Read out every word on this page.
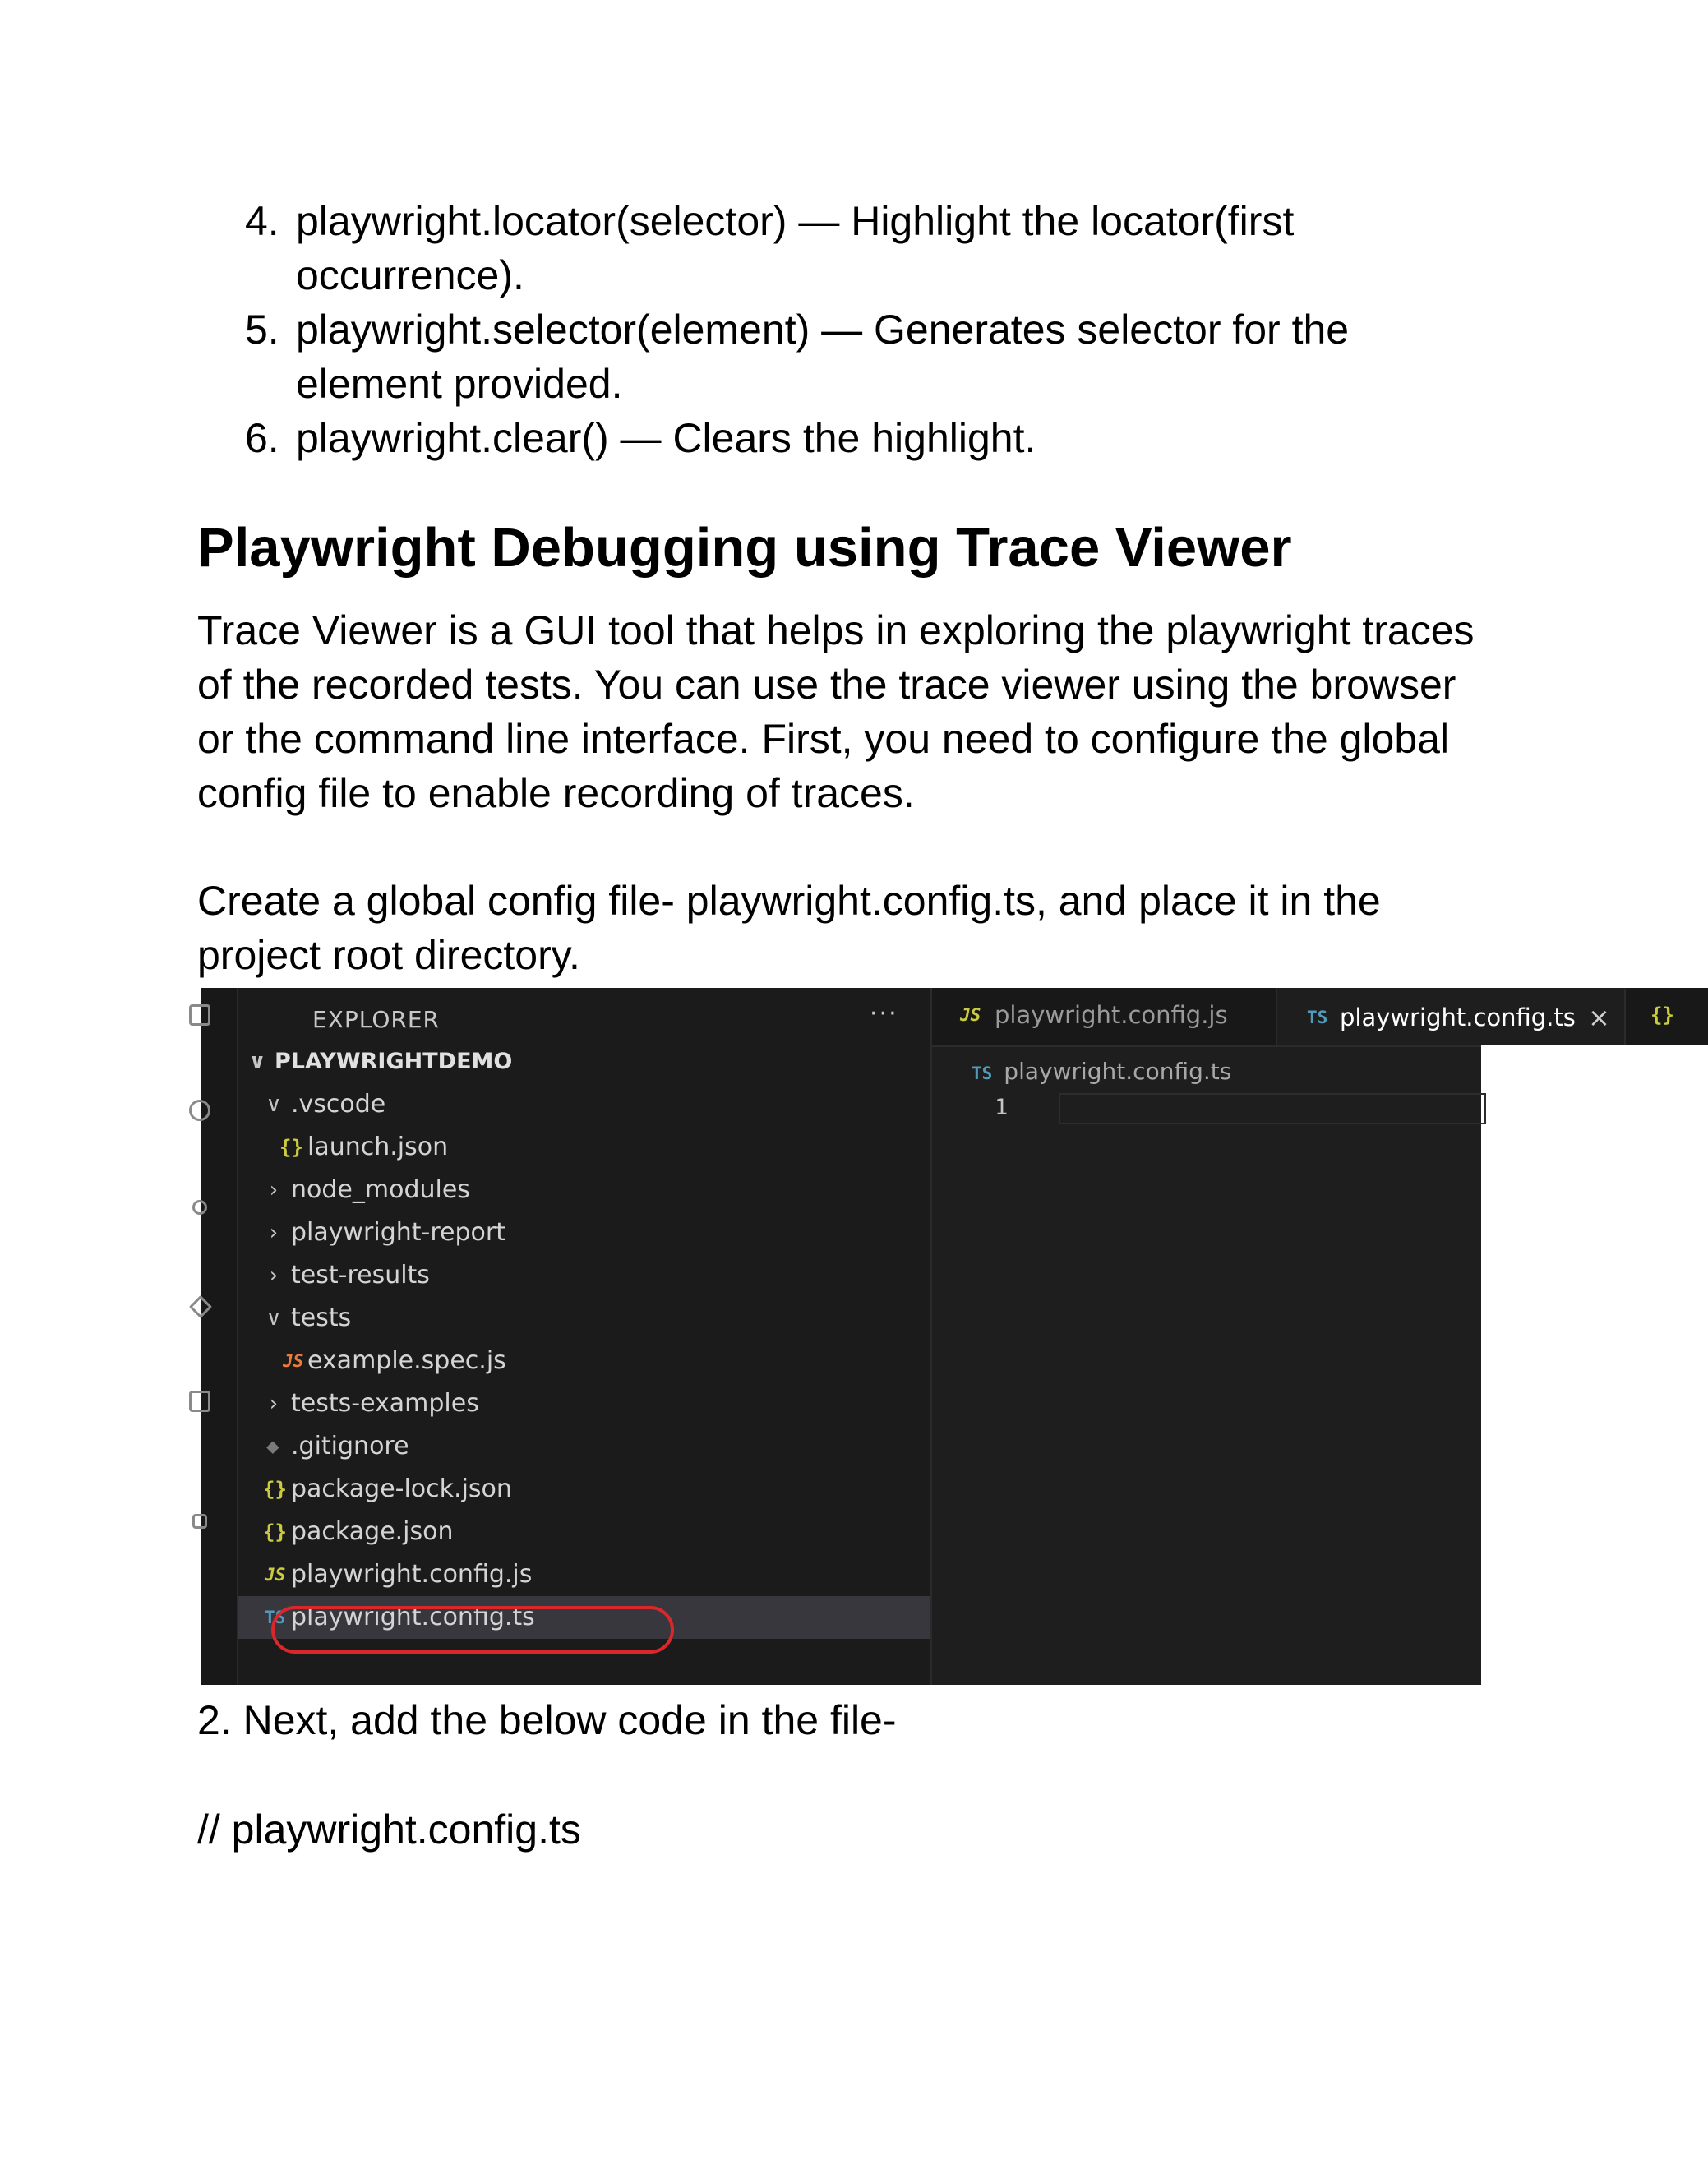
4. playwright.locator(selector) — Highlight the locator(first
occurrence).
5. playwright.selector(element) — Generates selector for the
element provided.
6. playwright.clear() — Clears the highlight.
Playwright Debugging using Trace Viewer
Trace Viewer is a GUI tool that helps in exploring the playwright traces
of the recorded tests. You can use the trace viewer using the browser
or the command line interface. First, you need to configure the global
config file to enable recording of traces.
Create a global config file- playwright.config.ts, and place it in the
project root directory.
EXPLORER	···
∨ PLAYWRIGHTDEMO
∨ .vscode
{} launch.json
› node_modules
› playwright-report
› test-results
∨ tests
JS example.spec.js
› tests-examples
◆ .gitignore
{} package-lock.json
{} package.json
JS playwright.config.js
TS playwright.config.ts
JS playwright.config.js	TS playwright.config.ts × {}
TS playwright.config.ts
1
2. Next, add the below code in the file-
// playwright.config.ts
